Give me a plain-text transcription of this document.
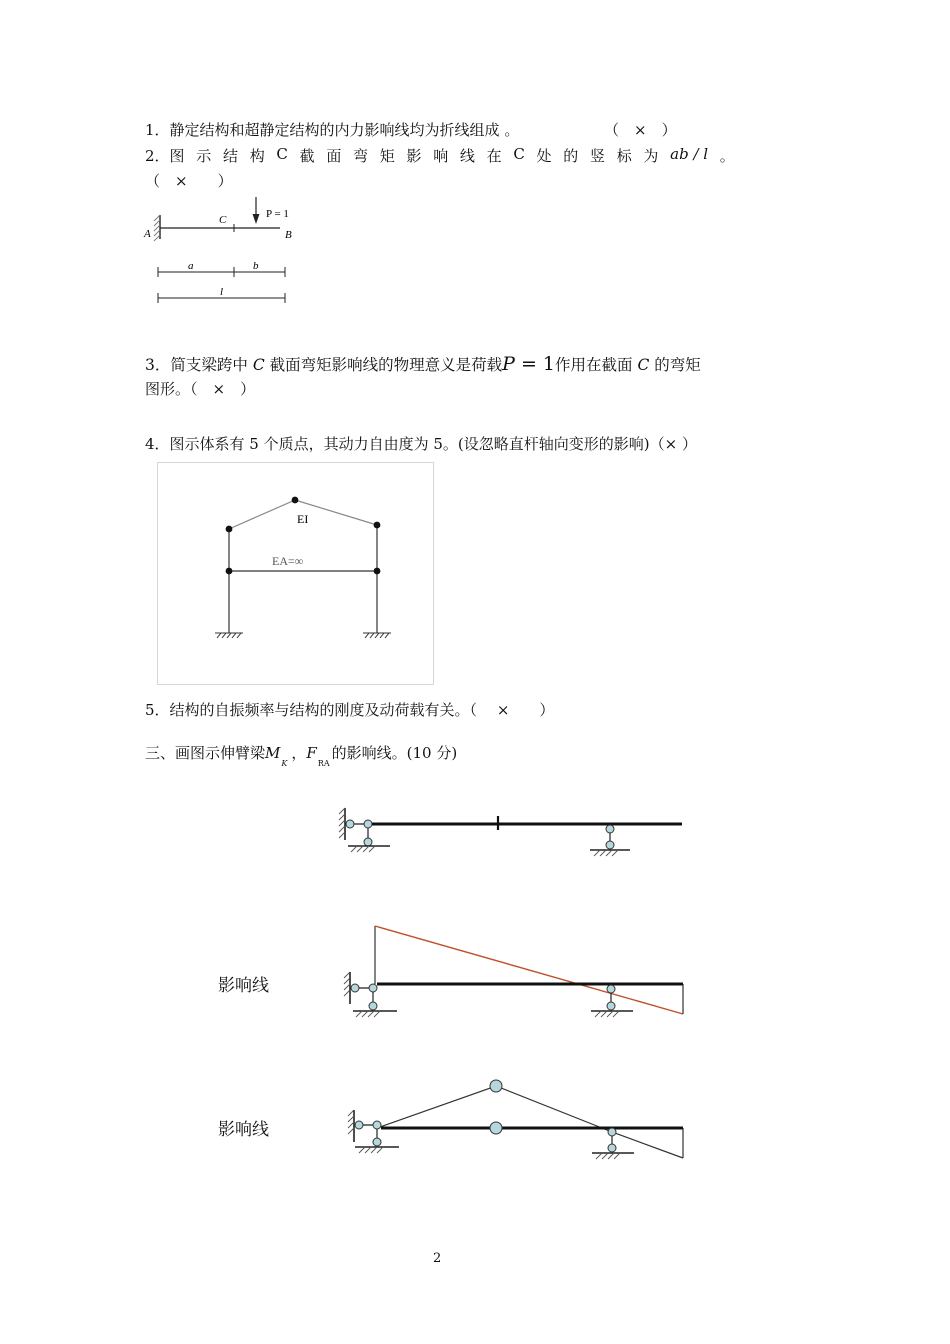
1．静定结构和超静定结构的内力影响线均为折线组成 。	（　×　）
2．图 示 结 构 C 截 面 弯 矩 影 响 线 在 C 处 的 竖 标 为 ab / l 。
（　×　　）
A	B
C	P = 1
a	b
l
3．简支梁跨中 C 截面弯矩影响线的物理意义是荷载P = 1作用在截面 C 的弯矩
图形。（　×　）
4．图示体系有 5 个质点，其动力自由度为 5。(设忽略直杆轴向变形的影响)（× ）
EI
EA=∞
5．结构的自振频率与结构的刚度及动荷载有关。（　 ×　　）
三、画图示伸臂梁$M_K$，$F_{RA}$的影响线。(10 分)
影响线
影响线
2
